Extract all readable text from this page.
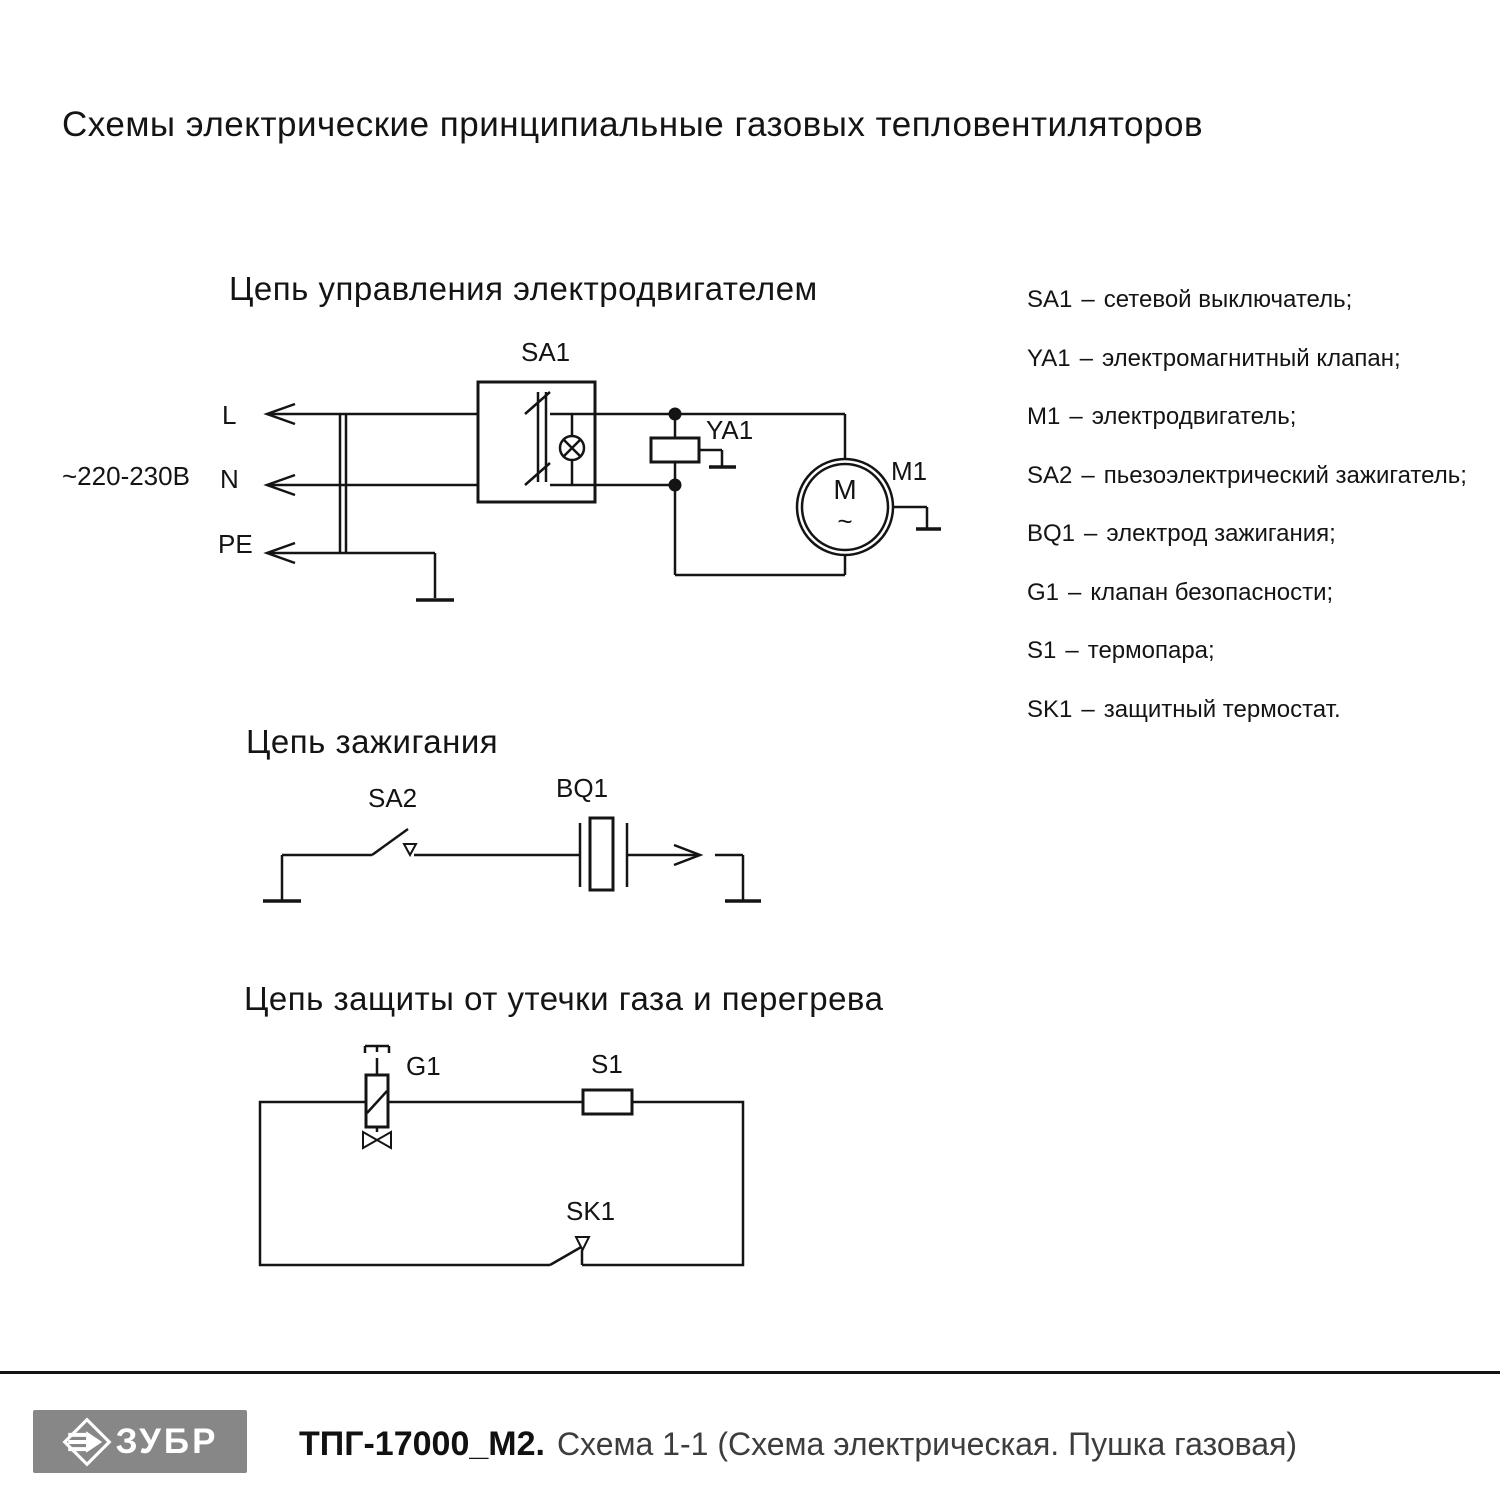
Схемы электрические принципиальные газовых тепловентиляторов
Цепь управления электродвигателем
~220-230В
L
N
PE
SA1
YA1
M1
M
~
Цепь зажигания
SA2	BQ1
Цепь защиты от утечки газа и перегрева
G1	S1
SK1
SA1 – сетевой выключатель;
YA1 – электромагнитный клапан;
M1 – электродвигатель;
SA2 – пьезоэлектрический зажигатель;
BQ1 – электрод зажигания;
G1 – клапан безопасности;
S1 – термопара;
SK1 – защитный термостат.
ЗУБР ТПГ-17000_М2. Схема 1-1 (Схема электрическая. Пушка газовая)
